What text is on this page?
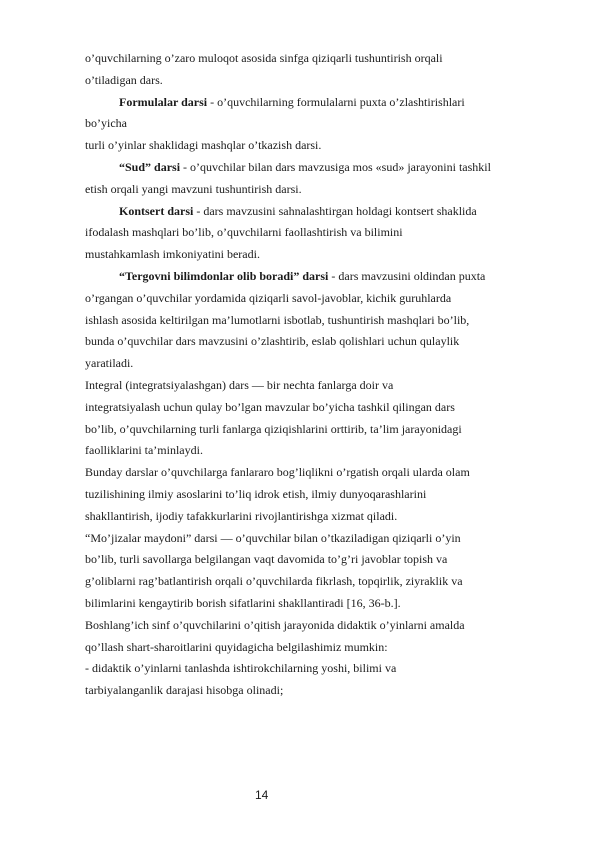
o’quvchilarning o’zaro muloqot asosida sinfga qiziqarli tushuntirish orqali
o’tiladigan dars.
Formulalar darsi - o’quvchilarning formulalarni puxta o’zlashtirishlari
bo’yicha
turli o’yinlar shaklidagi mashqlar o’tkazish darsi.
“Sud” darsi - o’quvchilar bilan dars mavzusiga mos «sud» jarayonini tashkil
etish orqali yangi mavzuni tushuntirish darsi.
Kontsert darsi - dars mavzusini sahnalashtirgan holdagi kontsert shaklida
ifodalash mashqlari bo’lib, o’quvchilarni faollashtirish va bilimini
mustahkamlash imkoniyatini beradi.
“Tergovni bilimdonlar olib boradi” darsi - dars mavzusini oldindan puxta
o’rgangan o’quvchilar yordamida qiziqarli savol-javoblar, kichik guruhlarda
ishlash asosida keltirilgan ma’lumotlarni isbotlab, tushuntirish mashqlari bo’lib,
bunda o’quvchilar dars mavzusini o’zlashtirib, eslab qolishlari uchun qulaylik
yaratiladi.
Integral (integratsiyalashgan) dars — bir nechta fanlarga doir va
integratsiyalash uchun qulay bo’lgan mavzular bo’yicha tashkil qilingan dars
bo’lib, o’quvchilarning turli fanlarga qiziqishlarini orttirib, ta’lim jarayonidagi
faolliklarini ta’minlaydi.
Bunday darslar o’quvchilarga fanlararo bog’liqlikni o’rgatish orqali ularda olam
tuzilishining ilmiy asoslarini to’liq idrok etish, ilmiy dunyoqarashlarini
shakllantirish, ijodiy tafakkurlarini rivojlantirishga xizmat qiladi.
“Mo’jizalar maydoni” darsi — o’quvchilar bilan o’tkaziladigan qiziqarli o’yin
bo’lib, turli savollarga belgilangan vaqt davomida to’g’ri javoblar topish va
g’oliblarni rag’batlantirish orqali o’quvchilarda fikrlash, topqirlik, ziyraklik va
bilimlarini kengaytirib borish sifatlarini shakllantiradi [16, 36-b.].
Boshlang’ich sinf o’quvchilarini o’qitish jarayonida didaktik o’yinlarni amalda
qo’llash shart-sharoitlarini quyidagicha belgilashimiz mumkin:
- didaktik o’yinlarni tanlashda ishtirokchilarning yoshi, bilimi va
tarbiyalanganlik darajasi hisobga olinadi;
14
